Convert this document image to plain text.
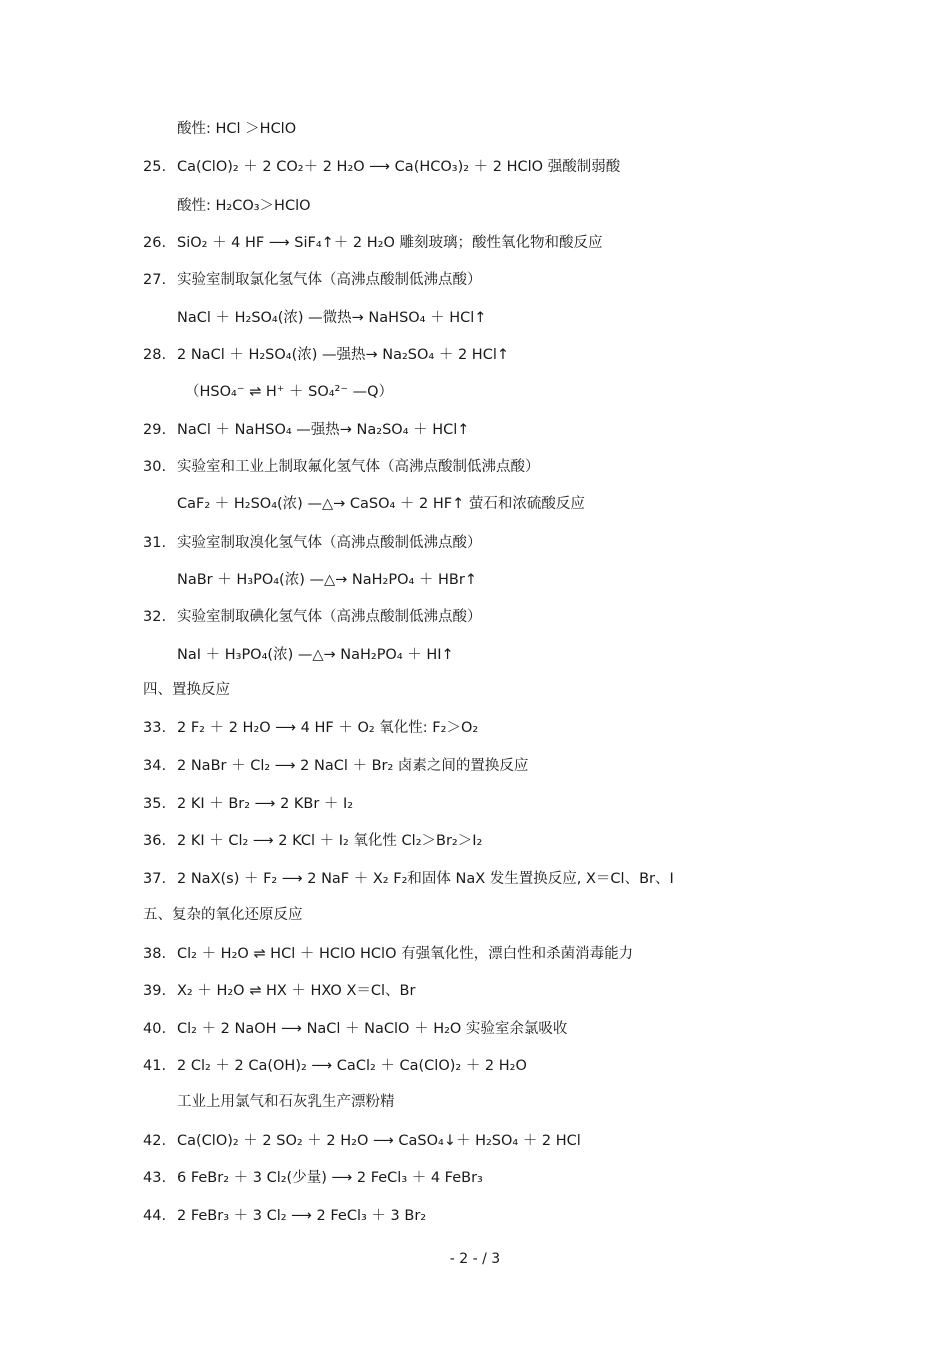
酸性: HCl ＞HClO
25. Ca(ClO)₂ ＋ 2 CO₂＋ 2 H₂O ⟶ Ca(HCO₃)₂ ＋ 2 HClO 强酸制弱酸
酸性: H₂CO₃＞HClO
26. SiO₂ ＋ 4 HF ⟶ SiF₄↑＋ 2 H₂O 雕刻玻璃；酸性氧化物和酸反应
27. 实验室制取氯化氢气体（高沸点酸制低沸点酸）
NaCl ＋ H₂SO₄(浓) —微热→ NaHSO₄ ＋ HCl↑
28. 2 NaCl ＋ H₂SO₄(浓) —强热→ Na₂SO₄ ＋ 2 HCl↑
（HSO₄⁻ ⇌ H⁺ ＋ SO₄²⁻ —Q）
29. NaCl ＋ NaHSO₄ —强热→ Na₂SO₄ ＋ HCl↑
30. 实验室和工业上制取氟化氢气体（高沸点酸制低沸点酸）
CaF₂ ＋ H₂SO₄(浓) —△→ CaSO₄ ＋ 2 HF↑ 萤石和浓硫酸反应
31. 实验室制取溴化氢气体（高沸点酸制低沸点酸）
NaBr ＋ H₃PO₄(浓) —△→ NaH₂PO₄ ＋ HBr↑
32. 实验室制取碘化氢气体（高沸点酸制低沸点酸）
NaI ＋ H₃PO₄(浓) —△→ NaH₂PO₄ ＋ HI↑
四、置换反应
33. 2 F₂ ＋ 2 H₂O ⟶ 4 HF ＋ O₂ 氧化性: F₂＞O₂
34. 2 NaBr ＋ Cl₂ ⟶ 2 NaCl ＋ Br₂ 卤素之间的置换反应
35. 2 KI ＋ Br₂ ⟶ 2 KBr ＋ I₂
36. 2 KI ＋ Cl₂ ⟶ 2 KCl ＋ I₂ 氧化性 Cl₂＞Br₂＞I₂
37. 2 NaX(s) ＋ F₂ ⟶ 2 NaF ＋ X₂ F₂和固体 NaX 发生置换反应, X＝Cl、Br、I
五、复杂的氧化还原反应
38. Cl₂ ＋ H₂O ⇌ HCl ＋ HClO HClO 有强氧化性，漂白性和杀菌消毒能力
39. X₂ ＋ H₂O ⇌ HX ＋ HXO X＝Cl、Br
40. Cl₂ ＋ 2 NaOH ⟶ NaCl ＋ NaClO ＋ H₂O 实验室余氯吸收
41. 2 Cl₂ ＋ 2 Ca(OH)₂ ⟶ CaCl₂ ＋ Ca(ClO)₂ ＋ 2 H₂O
工业上用氯气和石灰乳生产漂粉精
42. Ca(ClO)₂ ＋ 2 SO₂ ＋ 2 H₂O ⟶ CaSO₄↓＋ H₂SO₄ ＋ 2 HCl
43. 6 FeBr₂ ＋ 3 Cl₂(少量) ⟶ 2 FeCl₃ ＋ 4 FeBr₃
44. 2 FeBr₃ ＋ 3 Cl₂ ⟶ 2 FeCl₃ ＋ 3 Br₂
- 2 - / 3
